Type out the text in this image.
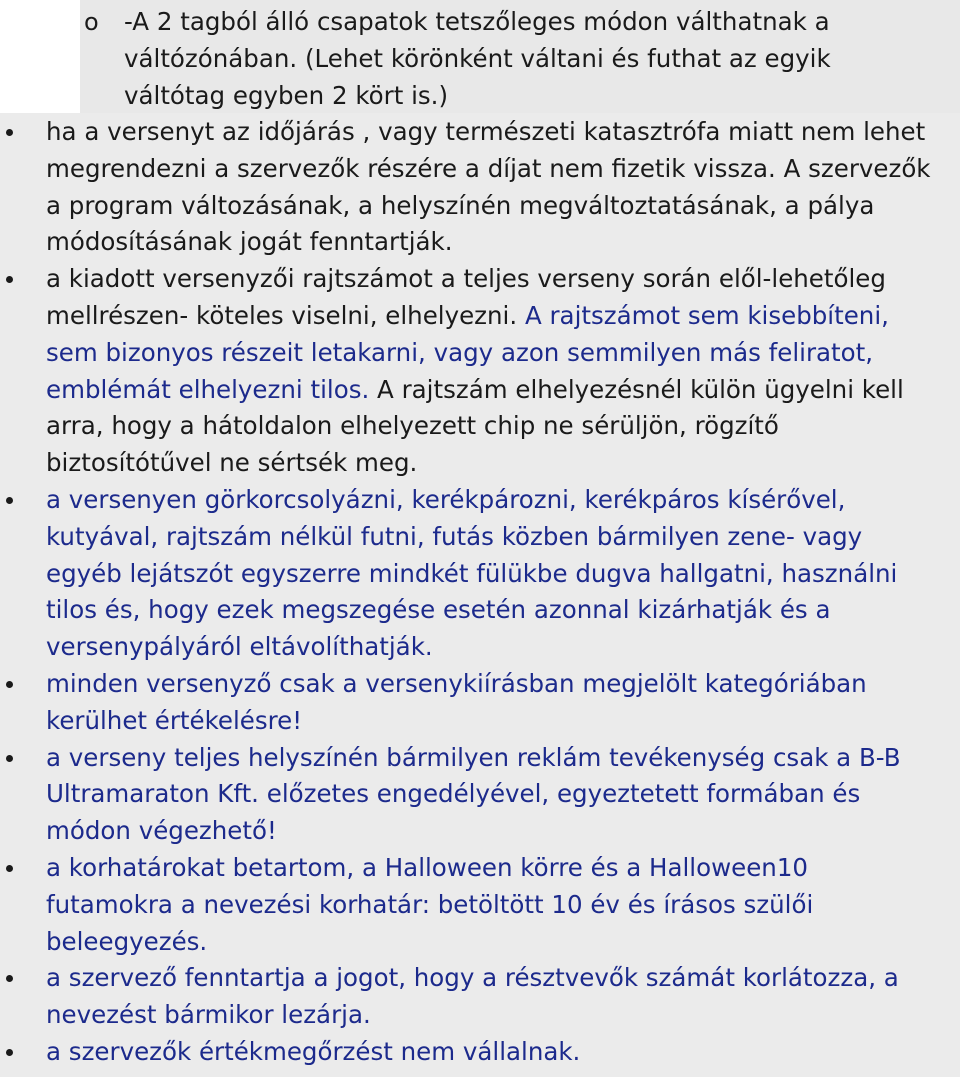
o -A 2 tagból álló csapatok tetszőleges módon válthatnak a váltózónában. (Lehet körönként váltani és futhat az egyik váltótag egyben 2 kört is.)
ha a versenyt az időjárás , vagy természeti katasztrófa miatt nem lehet megrendezni a szervezők részére a díjat nem fizetik vissza. A szervezők a program változásának, a helyszínén megváltoztatásának, a pálya módosításának jogát fenntartják.
a kiadott versenyzői rajtszámot a teljes verseny során elől-lehetőleg mellrészen- köteles viselni, elhelyezni. A rajtszámot sem kisebbíteni, sem bizonyos részeit letakarni, vagy azon semmilyen más feliratot, emblémát elhelyezni tilos. A rajtszám elhelyezésnél külön ügyelni kell arra, hogy a hátoldalon elhelyezett chip ne sérüljön, rögzítő biztosítótűvel ne sértsék meg.
a versenyen görkorcsolyázni, kerékpározni, kerékpáros kísérővel, kutyával, rajtszám nélkül futni, futás közben bármilyen zene- vagy egyéb lejátszót egyszerre mindkét fülükbe dugva hallgatni, használni tilos és, hogy ezek megszegése esetén azonnal kizárhatják és a versenypályáról eltávolíthatják.
minden versenyző csak a versenykiírásban megjelölt kategóriában kerülhet értékelésre!
a verseny teljes helyszínén bármilyen reklám tevékenység csak a B-B Ultramaraton Kft. előzetes engedélyével, egyeztetett formában és módon végezhető!
a korhatárokat betartom, a Halloween körre és a Halloween10 futamokra a nevezési korhatár: betöltött 10 év és írásos szülői beleegyezés.
a szervező fenntartja a jogot, hogy a résztvevők számát korlátozza, a nevezést bármikor lezárja.
a szervezők értékmegőrzést nem vállalnak.
